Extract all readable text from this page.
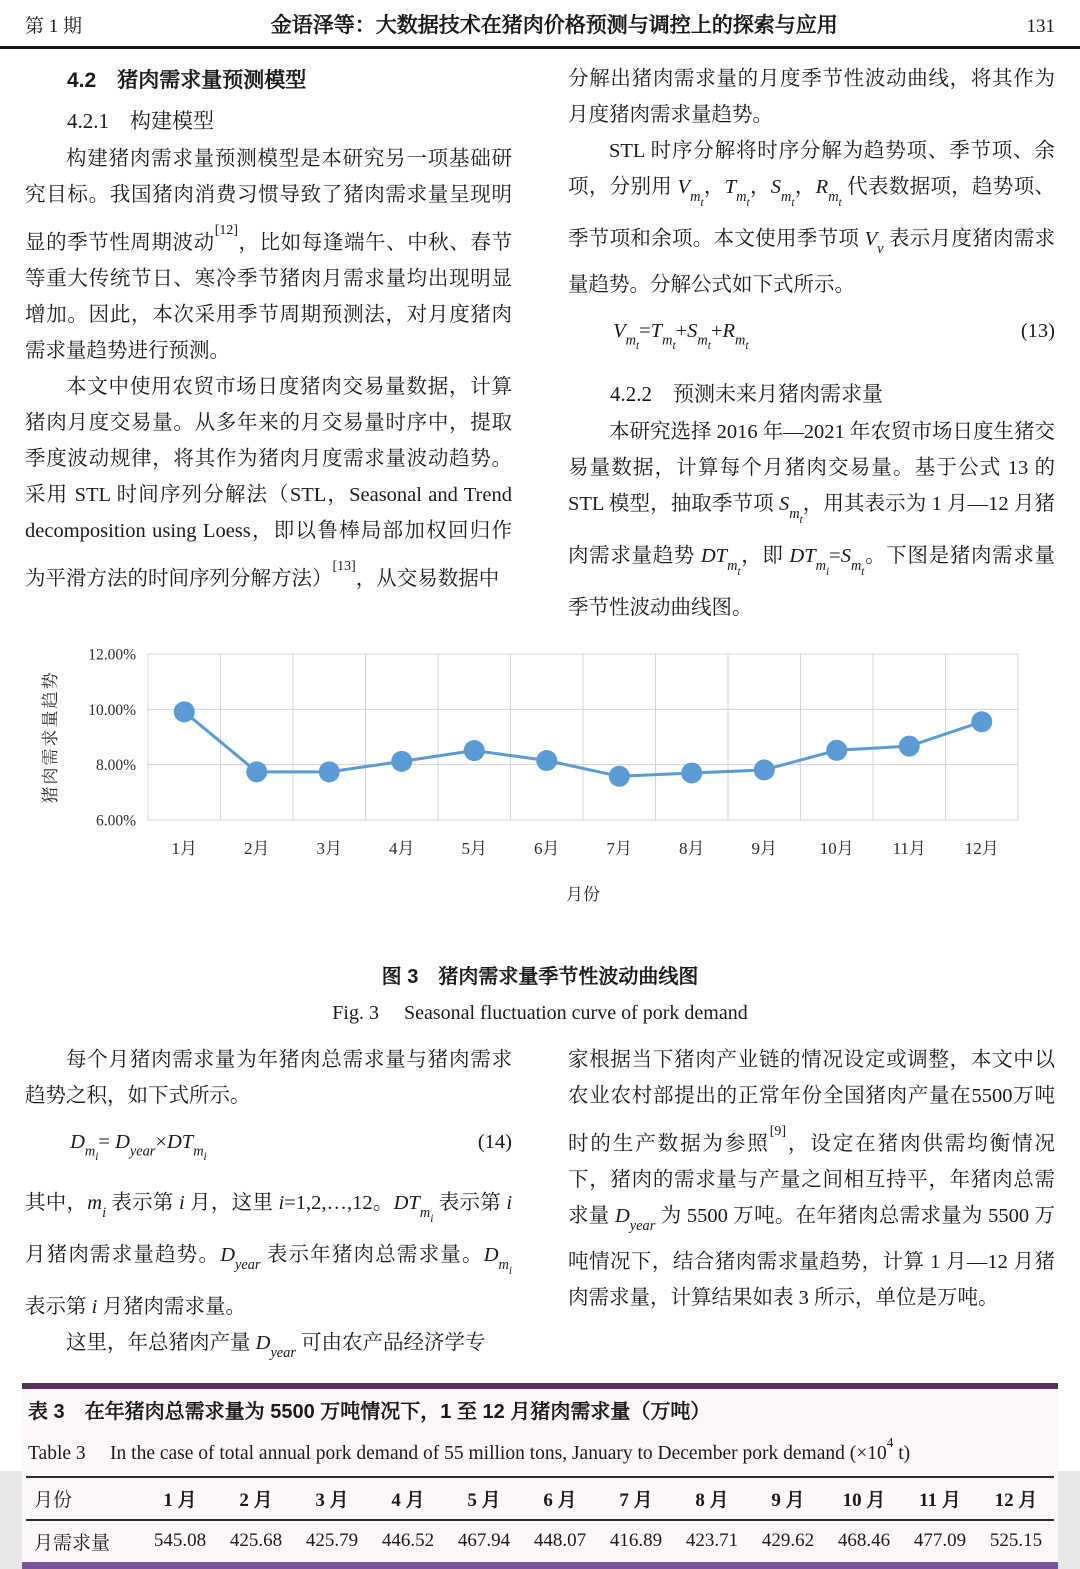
第 1 期	金语泽等：大数据技术在猪肉价格预测与调控上的探索与应用	131

4.2　猪肉需求量预测模型

4.2.1　构建模型

构建猪肉需求量预测模型是本研究另一项基础研究目标。我国猪肉消费习惯导致了猪肉需求量呈现明显的季节性周期波动[12]，比如每逢端午、中秋、春节等重大传统节日、寒冷季节猪肉月需求量均出现明显增加。因此，本次采用季节周期预测法，对月度猪肉需求量趋势进行预测。

本文中使用农贸市场日度猪肉交易量数据，计算猪肉月度交易量。从多年来的月交易量时序中，提取季度波动规律，将其作为猪肉月度需求量波动趋势。采用 STL 时间序列分解法（STL，Seasonal and Trend decomposition using Loess，即以鲁棒局部加权回归作为平滑方法的时间序列分解方法）[13]，从交易数据中

分解出猪肉需求量的月度季节性波动曲线，将其作为月度猪肉需求量趋势。

STL 时序分解将时序分解为趋势项、季节项、余项，分别用 $V_{mt}$，$T_{mt}$，$S_{mt}$，$R_{mt}$ 代表数据项，趋势项、季节项和余项。本文使用季节项 $V_v$ 表示月度猪肉需求量趋势。分解公式如下式所示。

$V_{mt}=T_{mt}+S_{mt}+R_{mt}$
(13)

4.2.2　预测未来月猪肉需求量

本研究选择 2016 年—2021 年农贸市场日度生猪交易量数据，计算每个月猪肉交易量。基于公式 13 的 STL 模型，抽取季节项 $S_{mt}$，用其表示为 1 月—12 月猪肉需求量趋势 $DT_{mt}$，即 $DT_{mi}=S_{mt}$。下图是猪肉需求量季节性波动曲线图。

12.00%
10.00%
8.00%
6.00%
1月	2月	3月	4月	5月	6月	7月	8月	9月	10月 11月 12月
月份
猪肉需求量趋势
图 3　猪肉需求量季节性波动曲线图
Fig. 3 　Seasonal fluctuation curve of pork demand

每个月猪肉需求量为年猪肉总需求量与猪肉需求趋势之积，如下式所示。

$D_{mi}= D_{year}\times DT_{mi}$
(14)

其中，$m_i$ 表示第 i 月，这里 i=1,2,…,12。$DT_{mi}$ 表示第 i 月猪肉需求量趋势。$D_{year}$ 表示年猪肉总需求量。$D_{mi}$ 表示第 i 月猪肉需求量。

这里，年总猪肉产量 $D_{year}$ 可由农产品经济学专

家根据当下猪肉产业链的情况设定或调整，本文中以农业农村部提出的正常年份全国猪肉产量在5500万吨时的生产数据为参照[9]，设定在猪肉供需均衡情况下，猪肉的需求量与产量之间相互持平，年猪肉总需求量 $D_{year}$ 为 5500 万吨。在年猪肉总需求量为 5500 万吨情况下，结合猪肉需求量趋势，计算 1 月—12 月猪肉需求量，计算结果如表 3 所示，单位是万吨。

表 3　在年猪肉总需求量为 5500 万吨情况下，1 至 12 月猪肉需求量（万吨）
Table 3 　In the case of total annual pork demand of 55 million tons, January to December pork demand ($\times 10^4$ t)
月份	1 月	2 月	3 月	4 月	5 月	6 月	7 月	8 月	9 月	10 月	11 月	12 月
月需求量	545.08	425.68	425.79	446.52	467.94	448.07	416.89	423.71	429.62	468.46	477.09	525.15
